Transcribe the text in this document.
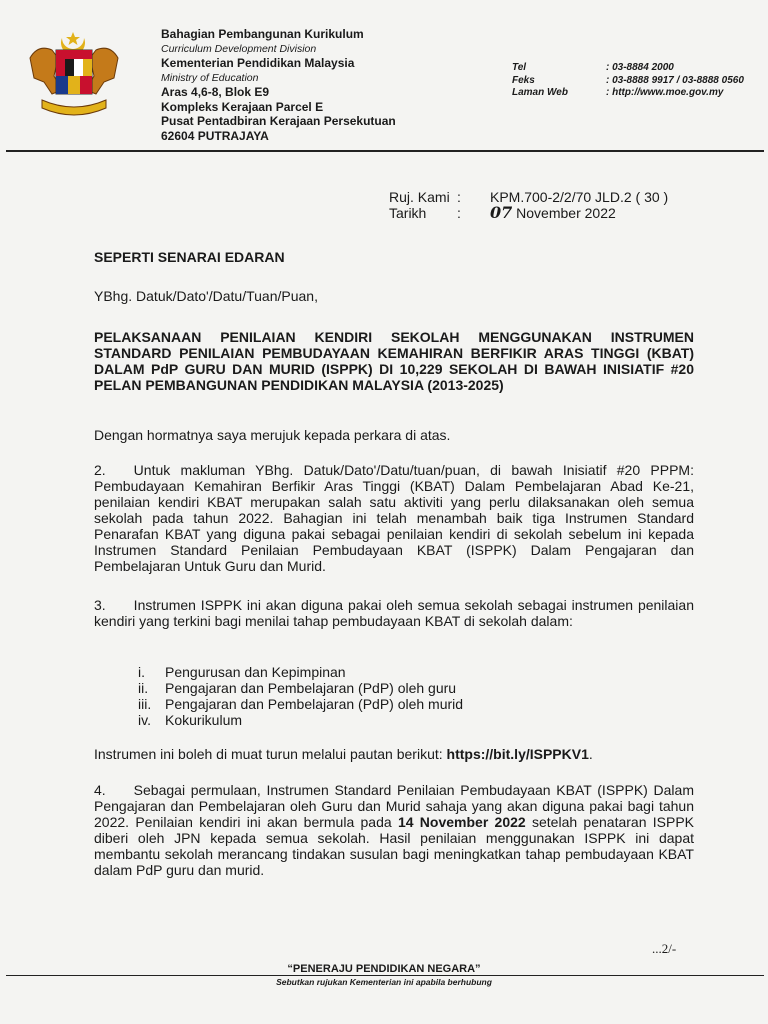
Bahagian Pembangunan Kurikulum
Curriculum Development Division
Kementerian Pendidikan Malaysia
Ministry of Education
Aras 4,6-8, Blok E9
Kompleks Kerajaan Parcel E
Pusat Pentadbiran Kerajaan Persekutuan
62604 PUTRAJAYA
Tel	: 03-8884 2000
Feks	: 03-8888 9917 / 03-8888 0560
Laman Web	: http://www.moe.gov.my
Ruj. Kami :	KPM.700-2/2/70 JLD.2 ( 30 )
Tarikh	:	07 November 2022
SEPERTI SENARAI EDARAN
YBhg. Datuk/Dato'/Datu/Tuan/Puan,
PELAKSANAAN PENILAIAN KENDIRI SEKOLAH MENGGUNAKAN INSTRUMEN STANDARD PENILAIAN PEMBUDAYAAN KEMAHIRAN BERFIKIR ARAS TINGGI (KBAT) DALAM PdP GURU DAN MURID (ISPPK) DI 10,229 SEKOLAH DI BAWAH INISIATIF #20 PELAN PEMBANGUNAN PENDIDIKAN MALAYSIA (2013-2025)
Dengan hormatnya saya merujuk kepada perkara di atas.
2.  Untuk makluman YBhg. Datuk/Dato'/Datu/tuan/puan, di bawah Inisiatif #20 PPPM: Pembudayaan Kemahiran Berfikir Aras Tinggi (KBAT) Dalam Pembelajaran Abad Ke-21, penilaian kendiri KBAT merupakan salah satu aktiviti yang perlu dilaksanakan oleh semua sekolah pada tahun 2022. Bahagian ini telah menambah baik tiga Instrumen Standard Penarafan KBAT yang diguna pakai sebagai penilaian kendiri di sekolah sebelum ini kepada Instrumen Standard Penilaian Pembudayaan KBAT (ISPPK) Dalam Pengajaran dan Pembelajaran Untuk Guru dan Murid.
3.  Instrumen ISPPK ini akan diguna pakai oleh semua sekolah sebagai instrumen penilaian kendiri yang terkini bagi menilai tahap pembudayaan KBAT di sekolah dalam:
i.	Pengurusan dan Kepimpinan
ii.	Pengajaran dan Pembelajaran (PdP) oleh guru
iii. Pengajaran dan Pembelajaran (PdP) oleh murid
iv.	Kokurikulum
Instrumen ini boleh di muat turun melalui pautan berikut: https://bit.ly/ISPPKV1.
4.  Sebagai permulaan, Instrumen Standard Penilaian Pembudayaan KBAT (ISPPK) Dalam Pengajaran dan Pembelajaran oleh Guru dan Murid sahaja yang akan diguna pakai bagi tahun 2022. Penilaian kendiri ini akan bermula pada 14 November 2022 setelah penataran ISPPK diberi oleh JPN kepada semua sekolah. Hasil penilaian menggunakan ISPPK ini dapat membantu sekolah merancang tindakan susulan bagi meningkatkan tahap pembudayaan KBAT dalam PdP guru dan murid.
...2/-
“PENERAJU PENDIDIKAN NEGARA”
Sebutkan rujukan Kementerian ini apabila berhubung
